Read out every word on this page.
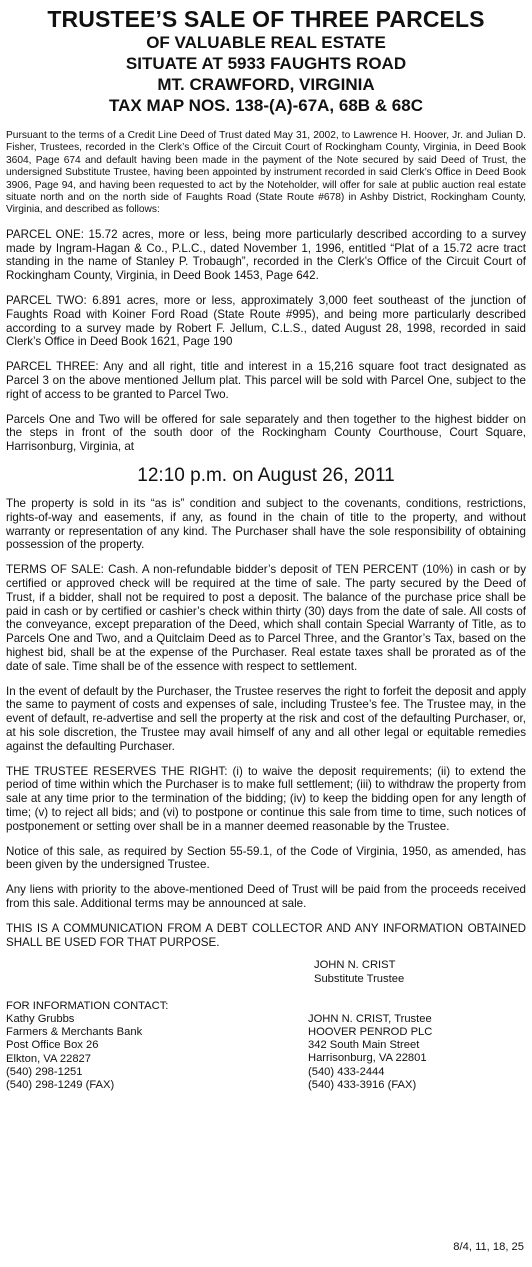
TRUSTEE’S SALE OF THREE PARCELS
OF VALUABLE REAL ESTATE
SITUATE AT 5933 FAUGHTS ROAD
MT. CRAWFORD, VIRGINIA
TAX MAP NOS. 138-(A)-67A, 68B & 68C

Pursuant to the terms of a Credit Line Deed of Trust dated May 31, 2002, to Lawrence H. Hoover, Jr. and Julian D. Fisher, Trustees, recorded in the Clerk’s Office of the Circuit Court of Rockingham County, Virginia, in Deed Book 3604, Page 674 and default having been made in the payment of the Note secured by said Deed of Trust, the undersigned Substitute Trustee, having been appointed by instrument recorded in said Clerk’s Office in Deed Book 3906, Page 94, and having been requested to act by the Noteholder, will offer for sale at public auction real estate situate north and on the north side of Faughts Road (State Route #678) in Ashby District, Rockingham County, Virginia, and described as follows:

PARCEL ONE: 15.72 acres, more or less, being more particularly described according to a survey made by Ingram-Hagan & Co., P.L.C., dated November 1, 1996, entitled “Plat of a 15.72 acre tract standing in the name of Stanley P. Trobaugh”, recorded in the Clerk’s Office of the Circuit Court of Rockingham County, Virginia, in Deed Book 1453, Page 642.

PARCEL TWO: 6.891 acres, more or less, approximately 3,000 feet southeast of the junction of Faughts Road with Koiner Ford Road (State Route #995), and being more particularly described according to a survey made by Robert F. Jellum, C.L.S., dated August 28, 1998, recorded in said Clerk’s Office in Deed Book 1621, Page 190

PARCEL THREE: Any and all right, title and interest in a 15,216 square foot tract designated as Parcel 3 on the above mentioned Jellum plat. This parcel will be sold with Parcel One, subject to the right of access to be granted to Parcel Two.

Parcels One and Two will be offered for sale separately and then together to the highest bidder on the steps in front of the south door of the Rockingham County Courthouse, Court Square, Harrisonburg, Virginia, at

12:10 p.m. on August 26, 2011

The property is sold in its “as is” condition and subject to the covenants, conditions, restrictions, rights-of-way and easements, if any, as found in the chain of title to the property, and without warranty or representation of any kind. The Purchaser shall have the sole responsibility of obtaining possession of the property.

TERMS OF SALE: Cash. A non-refundable bidder’s deposit of TEN PERCENT (10%) in cash or by certified or approved check will be required at the time of sale. The party secured by the Deed of Trust, if a bidder, shall not be required to post a deposit. The balance of the purchase price shall be paid in cash or by certified or cashier’s check within thirty (30) days from the date of sale. All costs of the conveyance, except preparation of the Deed, which shall contain Special Warranty of Title, as to Parcels One and Two, and a Quitclaim Deed as to Parcel Three, and the Grantor’s Tax, based on the highest bid, shall be at the expense of the Purchaser. Real estate taxes shall be prorated as of the date of sale. Time shall be of the essence with respect to settlement.

In the event of default by the Purchaser, the Trustee reserves the right to forfeit the deposit and apply the same to payment of costs and expenses of sale, including Trustee’s fee. The Trustee may, in the event of default, re-advertise and sell the property at the risk and cost of the defaulting Purchaser, or, at his sole discretion, the Trustee may avail himself of any and all other legal or equitable remedies against the defaulting Purchaser.

THE TRUSTEE RESERVES THE RIGHT: (i) to waive the deposit requirements; (ii) to extend the period of time within which the Purchaser is to make full settlement; (iii) to withdraw the property from sale at any time prior to the termination of the bidding; (iv) to keep the bidding open for any length of time; (v) to reject all bids; and (vi) to postpone or continue this sale from time to time, such notices of postponement or setting over shall be in a manner deemed reasonable by the Trustee.

Notice of this sale, as required by Section 55-59.1, of the Code of Virginia, 1950, as amended, has been given by the undersigned Trustee.

Any liens with priority to the above-mentioned Deed of Trust will be paid from the proceeds received from this sale. Additional terms may be announced at sale.

THIS IS A COMMUNICATION FROM A DEBT COLLECTOR AND ANY INFORMATION OBTAINED SHALL BE USED FOR THAT PURPOSE.
JOHN N. CRIST
Substitute Trustee
FOR INFORMATION CONTACT:
Kathy Grubbs
Farmers & Merchants Bank
Post Office Box 26
Elkton, VA 22827
(540) 298-1251
(540) 298-1249 (FAX)
JOHN N. CRIST, Trustee
HOOVER PENROD PLC
342 South Main Street
Harrisonburg, VA 22801
(540) 433-2444
(540) 433-3916 (FAX)
8/4, 11, 18, 25
